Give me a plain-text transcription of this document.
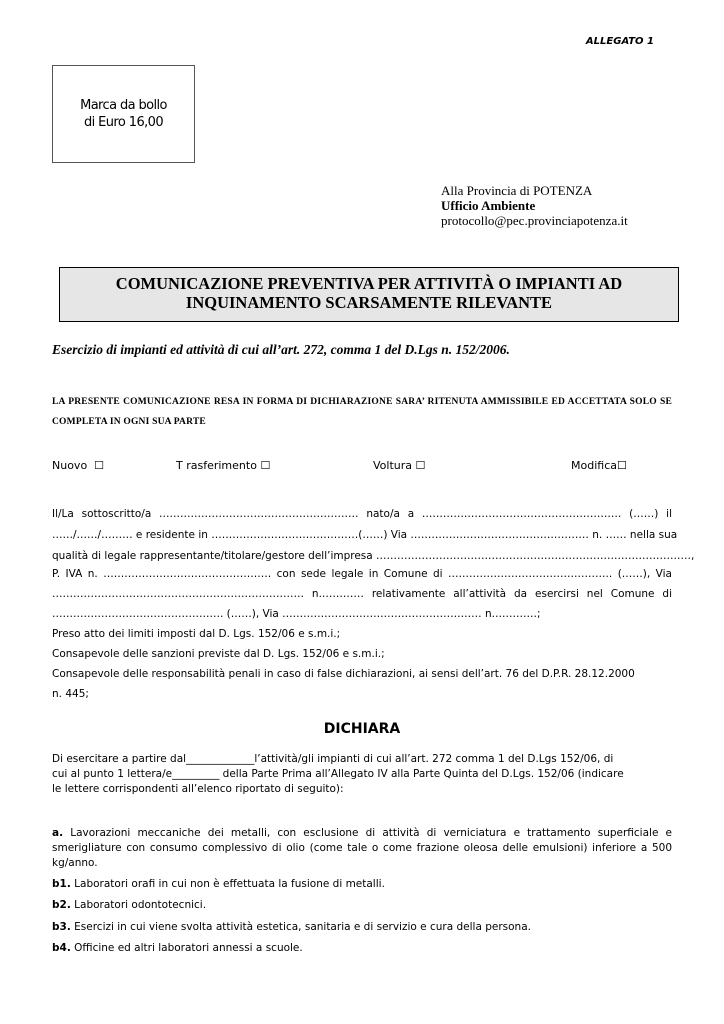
ALLEGATO 1
Marca da bollo
di Euro 16,00
Alla Provincia di POTENZA
Ufficio Ambiente
protocollo@pec.provinciapotenza.it
COMUNICAZIONE PREVENTIVA PER ATTIVITÀ O IMPIANTI AD
INQUINAMENTO SCARSAMENTE RILEVANTE
Esercizio di impianti ed attività di cui all’art. 272, comma 1 del D.Lgs n. 152/2006.
LA PRESENTE COMUNICAZIONE RESA IN FORMA DI DICHIARAZIONE SARA’ RITENUTA AMMISSIBILE ED ACCETTATA SOLO SE COMPLETA IN OGNI SUA PARTE
Nuovo ☐	T rasferimento ☐	Voltura ☐	Modifica☐
Il/La sottoscritto/a ………………………………………………… nato/a a ………………………………………………… (……) il
……/……/……… e residente in ……………………………………(……) Via …………………………………………… n. …… nella sua
qualità di legale rappresentante/titolare/gestore dell’impresa ………………………………………………………………………………,
P. IVA n. ………………………………………… con sede legale in Comune di ……………………………………….. (……), Via
……………………………………………………………… n.………… relativamente all’attività da esercirsi nel Comune di
…………………………………………. (……), Via ………………………………………………… n.…………;
Preso atto dei limiti imposti dal D. Lgs. 152/06 e s.m.i.;
Consapevole delle sanzioni previste dal D. Lgs. 152/06 e s.m.i.;
Consapevole delle responsabilità penali in caso di false dichiarazioni, ai sensi dell’art. 76 del D.P.R. 28.12.2000
n. 445;
DICHIARA
Di esercitare a partire dal_____________l’attività/gli impianti di cui all’art. 272 comma 1 del D.Lgs 152/06, di
cui al punto 1 lettera/e_________ della Parte Prima all’Allegato IV alla Parte Quinta del D.Lgs. 152/06 (indicare
le lettere corrispondenti all’elenco riportato di seguito):
a. Lavorazioni meccaniche dei metalli, con esclusione di attività di verniciatura e trattamento superficiale e smerigliature con consumo complessivo di olio (come tale o come frazione oleosa delle emulsioni) inferiore a 500 kg/anno.
b1. Laboratori orafi in cui non è effettuata la fusione di metalli.
b2. Laboratori odontotecnici.
b3. Esercizi in cui viene svolta attività estetica, sanitaria e di servizio e cura della persona.
b4. Officine ed altri laboratori annessi a scuole.
